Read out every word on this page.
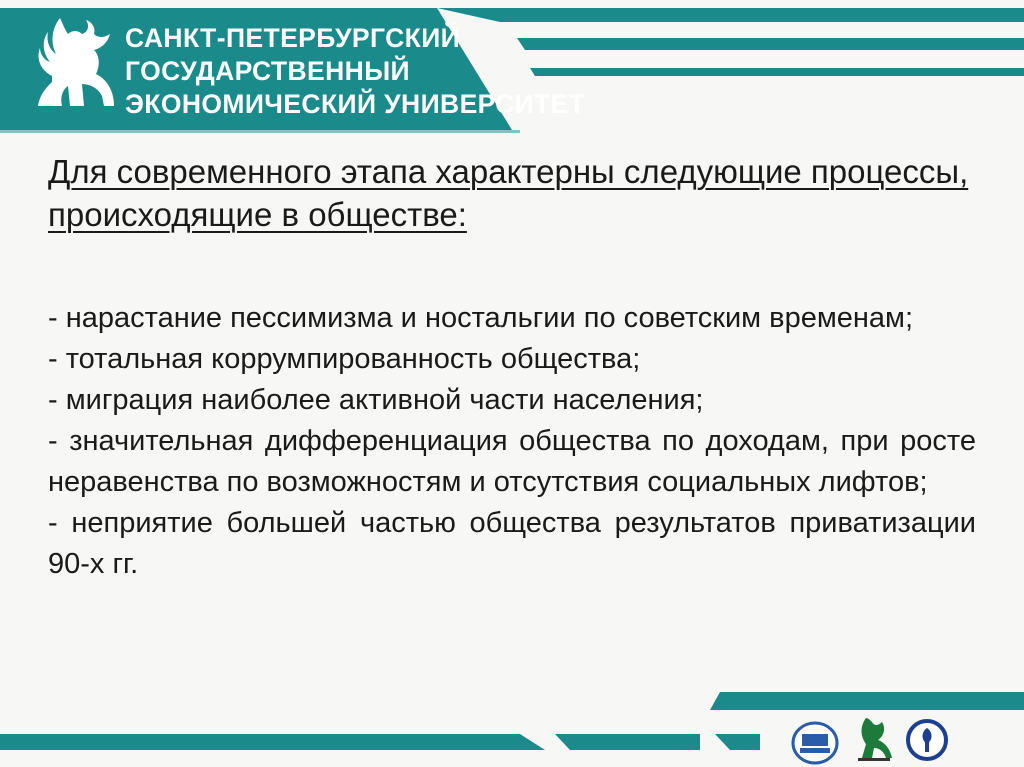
САНКТ-ПЕТЕРБУРГСКИЙ
ГОСУДАРСТВЕННЫЙ
ЭКОНОМИЧЕСКИЙ УНИВЕРСИТЕТ
Для современного этапа характерны следующие процессы, происходящие в обществе:
- нарастание пессимизма и ностальгии по советским временам;
- тотальная коррумпированность общества;
- миграция наиболее активной части населения;
- значительная дифференциация общества по доходам, при росте неравенства по возможностям и отсутствия социальных лифтов;
- неприятие большей частью общества результатов приватизации 90-х гг.
